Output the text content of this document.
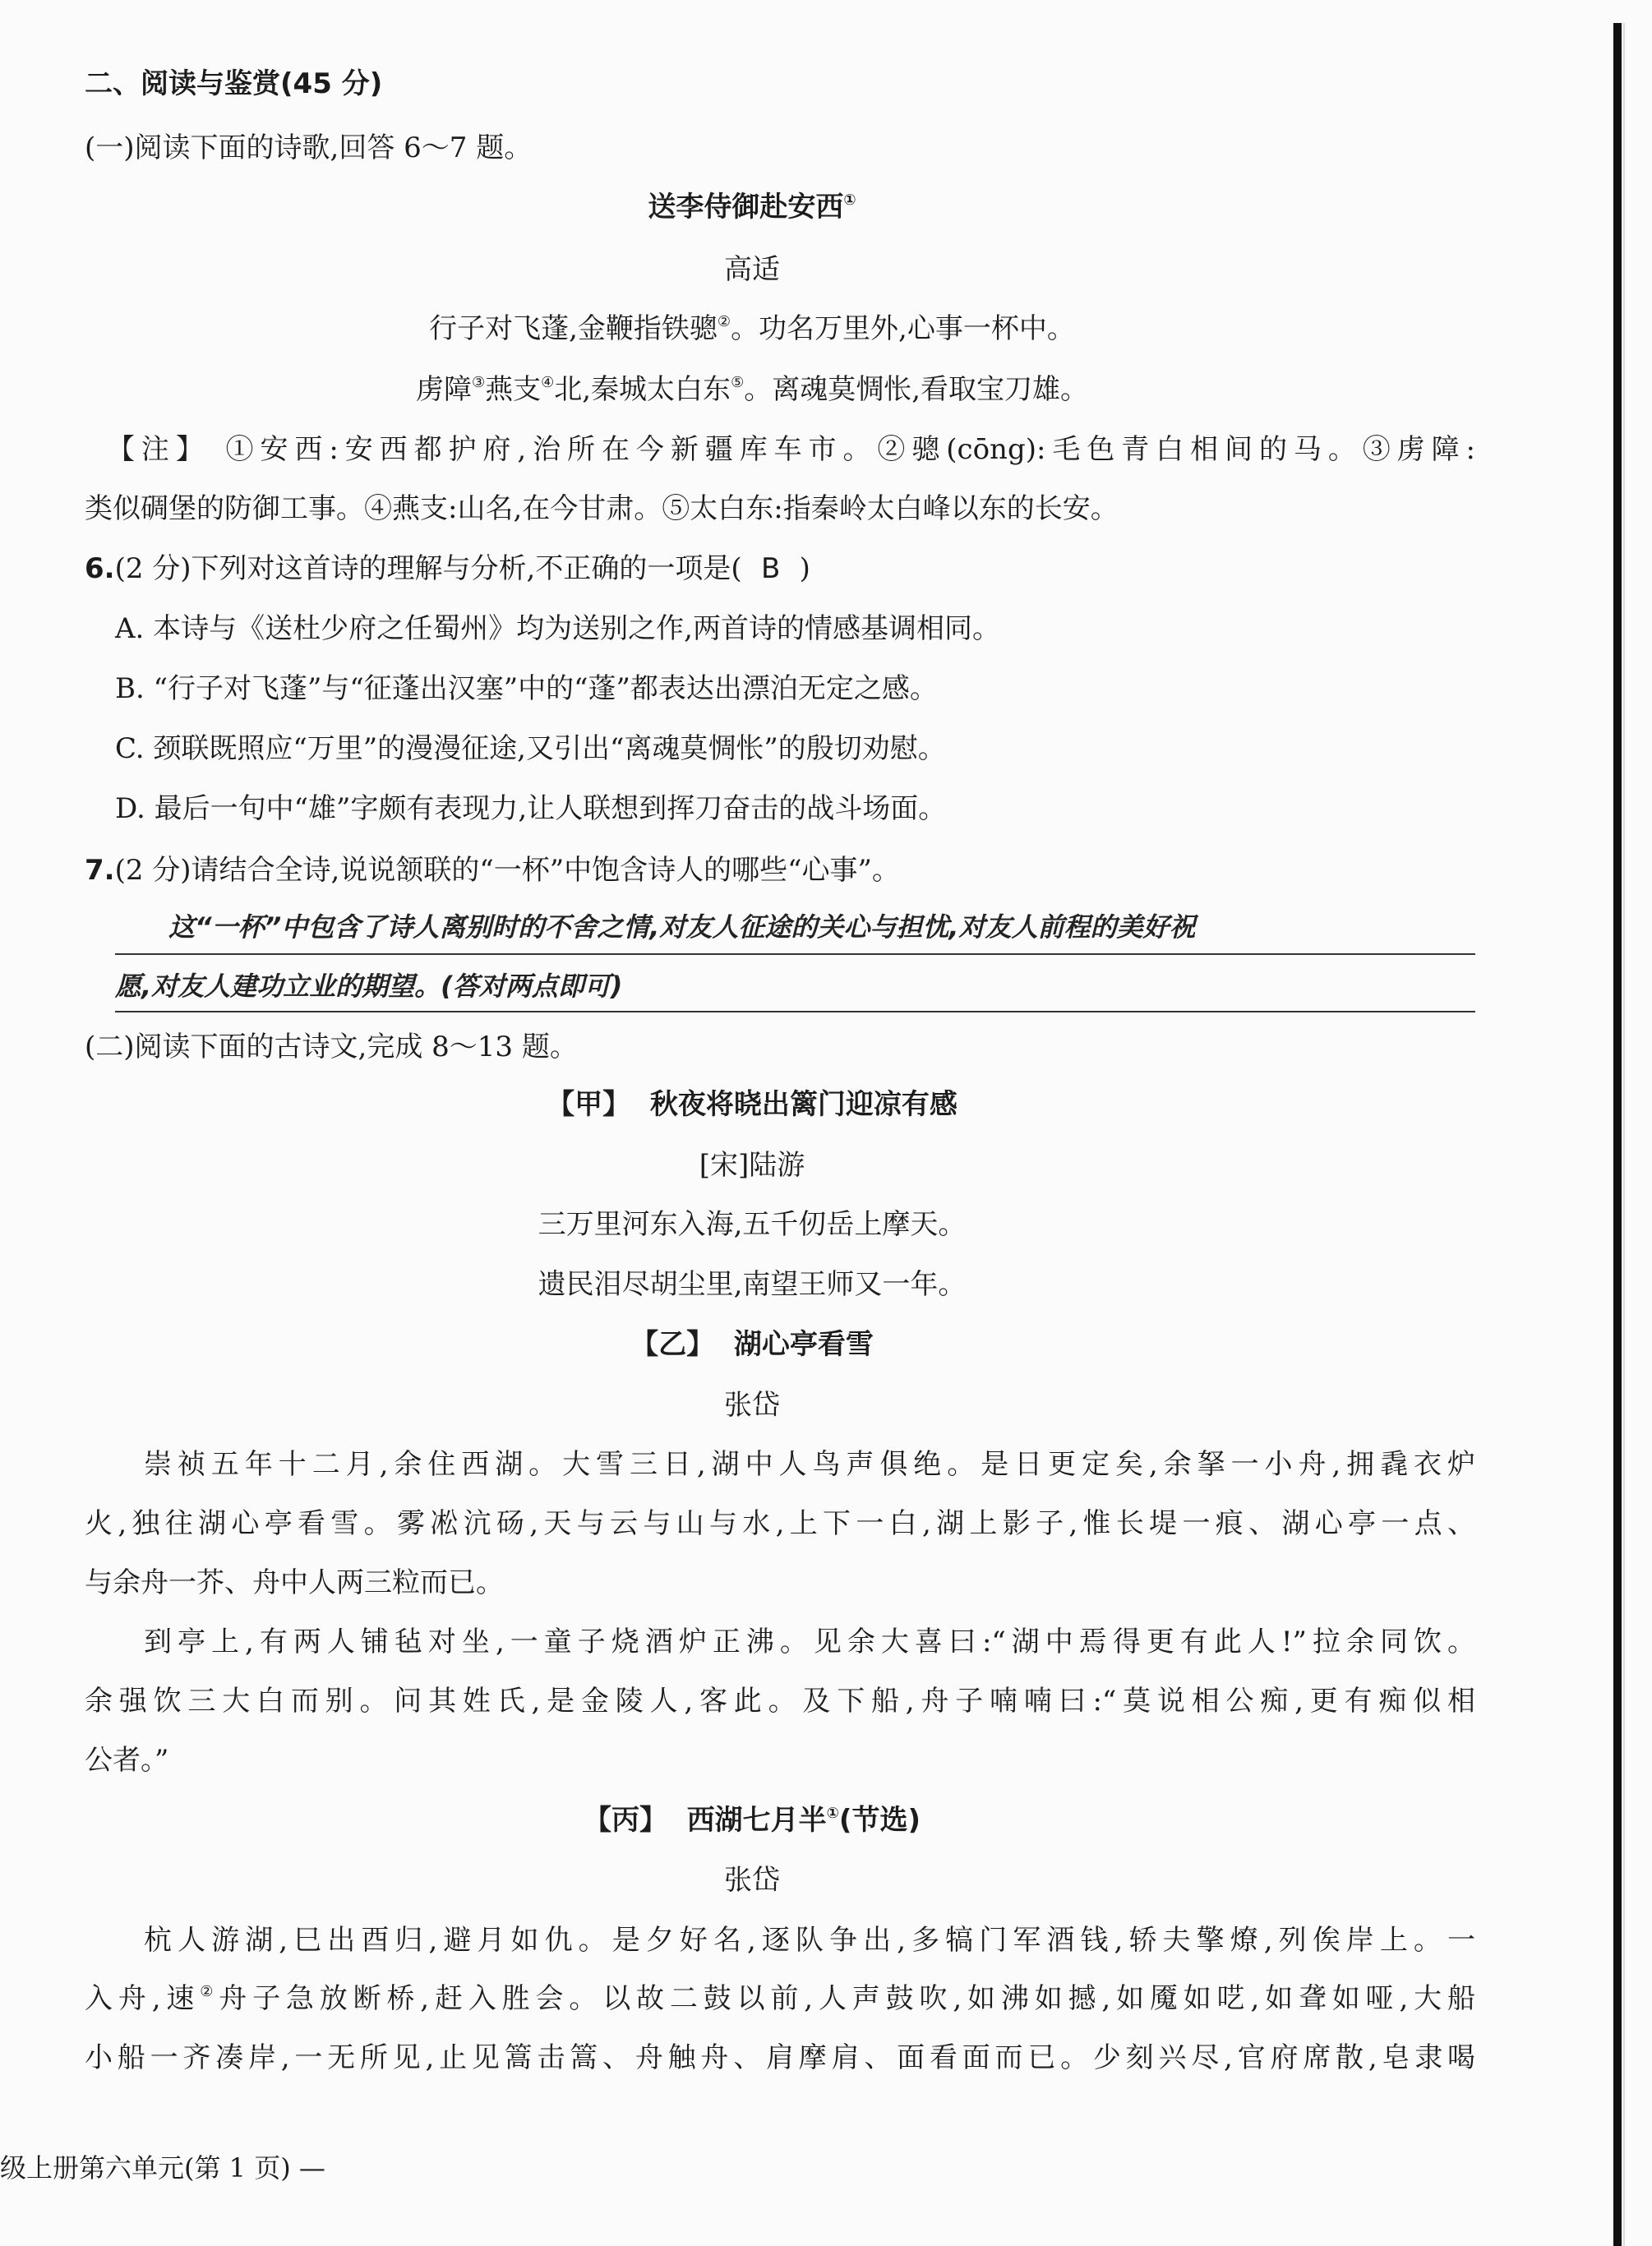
二、阅读与鉴赏(45 分)
(一)阅读下面的诗歌,回答 6～7 题。
送李侍御赴安西①
高适
行子对飞蓬,金鞭指铁骢②。功名万里外,心事一杯中。
虏障③燕支④北,秦城太白东⑤。离魂莫惆怅,看取宝刀雄。
【注】 ①安西:安西都护府,治所在今新疆库车市。②骢(cōng):毛色青白相间的马。③虏障:
类似碉堡的防御工事。④燕支:山名,在今甘肃。⑤太白东:指秦岭太白峰以东的长安。
6.(2 分)下列对这首诗的理解与分析,不正确的一项是( B )
A. 本诗与《送杜少府之任蜀州》均为送别之作,两首诗的情感基调相同。
B. “行子对飞蓬”与“征蓬出汉塞”中的“蓬”都表达出漂泊无定之感。
C. 颈联既照应“万里”的漫漫征途,又引出“离魂莫惆怅”的殷切劝慰。
D. 最后一句中“雄”字颇有表现力,让人联想到挥刀奋击的战斗场面。
7.(2 分)请结合全诗,说说颔联的“一杯”中饱含诗人的哪些“心事”。
这“一杯”中包含了诗人离别时的不舍之情,对友人征途的关心与担忧,对友人前程的美好祝
愿,对友人建功立业的期望。(答对两点即可)
(二)阅读下面的古诗文,完成 8～13 题。
【甲】 秋夜将晓出篱门迎凉有感
[宋]陆游
三万里河东入海,五千仞岳上摩天。
遗民泪尽胡尘里,南望王师又一年。
【乙】 湖心亭看雪
张岱
崇祯五年十二月,余住西湖。大雪三日,湖中人鸟声俱绝。是日更定矣,余拏一小舟,拥毳衣炉
火,独往湖心亭看雪。雾凇沆砀,天与云与山与水,上下一白,湖上影子,惟长堤一痕、湖心亭一点、
与余舟一芥、舟中人两三粒而已。
到亭上,有两人铺毡对坐,一童子烧酒炉正沸。见余大喜曰:“湖中焉得更有此人!”拉余同饮。
余强饮三大白而别。问其姓氏,是金陵人,客此。及下船,舟子喃喃曰:“莫说相公痴,更有痴似相
公者。”
【丙】 西湖七月半①(节选)
张岱
杭人游湖,巳出酉归,避月如仇。是夕好名,逐队争出,多犒门军酒钱,轿夫擎燎,列俟岸上。一
入舟,速②舟子急放断桥,赶入胜会。以故二鼓以前,人声鼓吹,如沸如撼,如魇如呓,如聋如哑,大船
小船一齐凑岸,一无所见,止见篙击篙、舟触舟、肩摩肩、面看面而已。少刻兴尽,官府席散,皂隶喝
级上册第六单元(第 1 页) —
